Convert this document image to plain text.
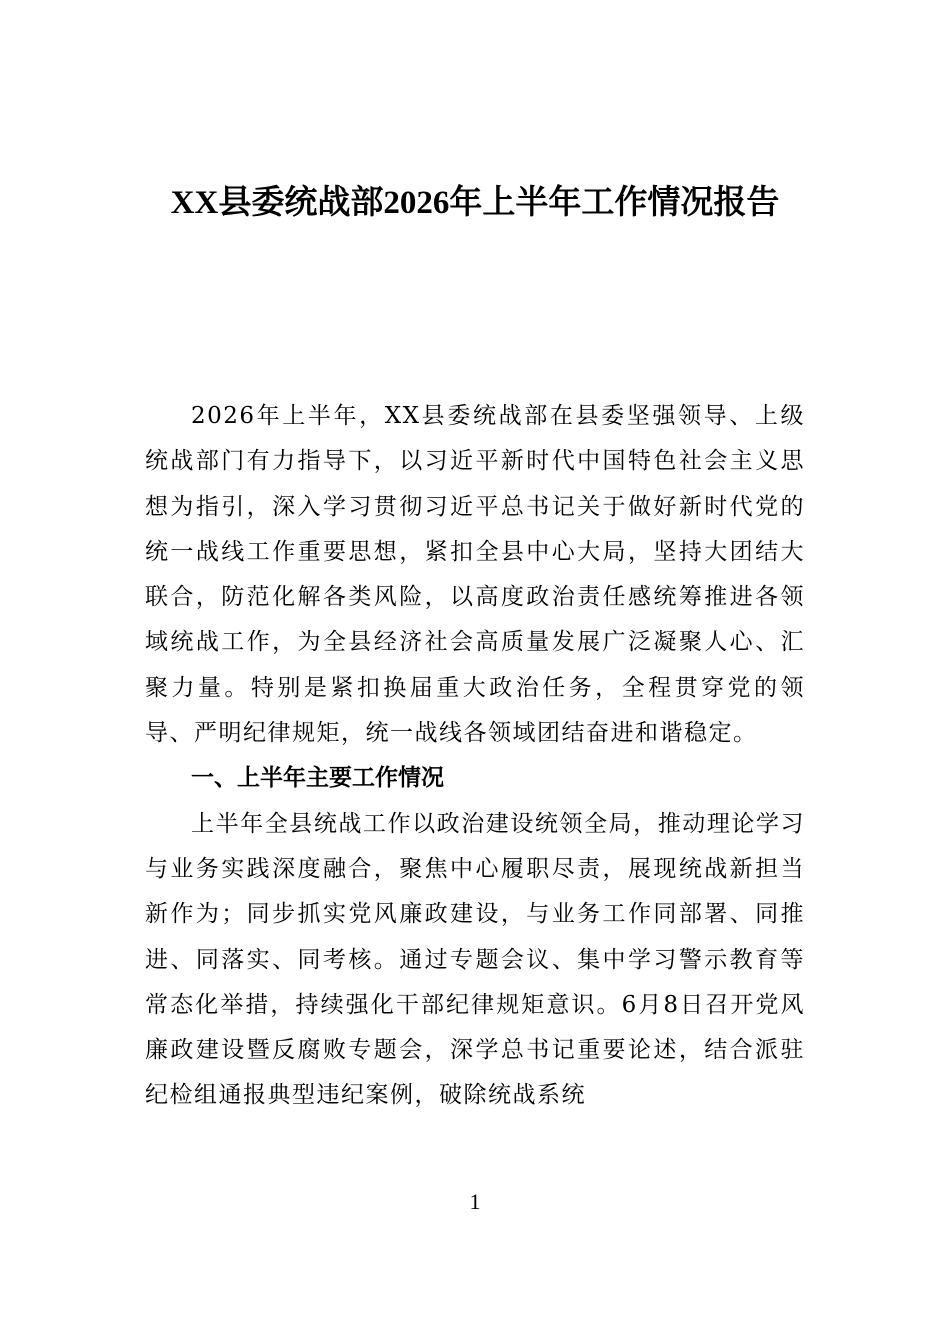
XX县委统战部2026年上半年工作情况报告

2026年上半年，XX县委统战部在县委坚强领导、上级统战部门有力指导下，以习近平新时代中国特色社会主义思想为指引，深入学习贯彻习近平总书记关于做好新时代党的统一战线工作重要思想，紧扣全县中心大局，坚持大团结大联合，防范化解各类风险，以高度政治责任感统筹推进各领域统战工作，为全县经济社会高质量发展广泛凝聚人心、汇聚力量。特别是紧扣换届重大政治任务，全程贯穿党的领导、严明纪律规矩，统一战线各领域团结奋进和谐稳定。

一、上半年主要工作情况

上半年全县统战工作以政治建设统领全局，推动理论学习与业务实践深度融合，聚焦中心履职尽责，展现统战新担当新作为；同步抓实党风廉政建设，与业务工作同部署、同推进、同落实、同考核。通过专题会议、集中学习警示教育等常态化举措，持续强化干部纪律规矩意识。6月8日召开党风廉政建设暨反腐败专题会，深学总书记重要论述，结合派驻纪检组通报典型违纪案例，破除统战系统

1
